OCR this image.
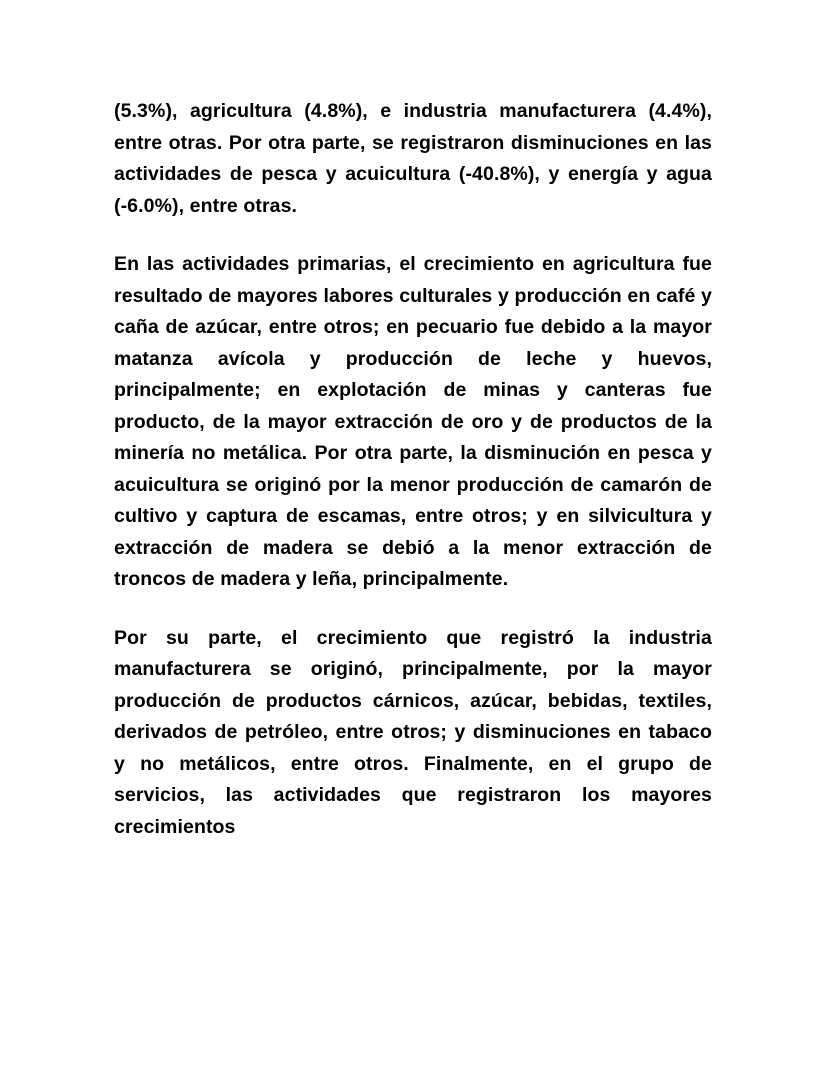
(5.3%), agricultura (4.8%), e industria manufacturera (4.4%), entre otras. Por otra parte, se registraron disminuciones en las actividades de pesca y acuicultura (-40.8%), y energía y agua (-6.0%), entre otras.

En las actividades primarias, el crecimiento en agricultura fue resultado de mayores labores culturales y producción en café y caña de azúcar, entre otros; en pecuario fue debido a la mayor matanza avícola y producción de leche y huevos, principalmente; en explotación de minas y canteras fue producto, de la mayor extracción de oro y de productos de la minería no metálica. Por otra parte, la disminución en pesca y acuicultura se originó por la menor producción de camarón de cultivo y captura de escamas, entre otros; y en silvicultura y extracción de madera se debió a la menor extracción de troncos de madera y leña, principalmente.

Por su parte, el crecimiento que registró la industria manufacturera se originó, principalmente, por la mayor producción de productos cárnicos, azúcar, bebidas, textiles, derivados de petróleo, entre otros; y disminuciones en tabaco y no metálicos, entre otros. Finalmente, en el grupo de servicios, las actividades que registraron los mayores crecimientos
